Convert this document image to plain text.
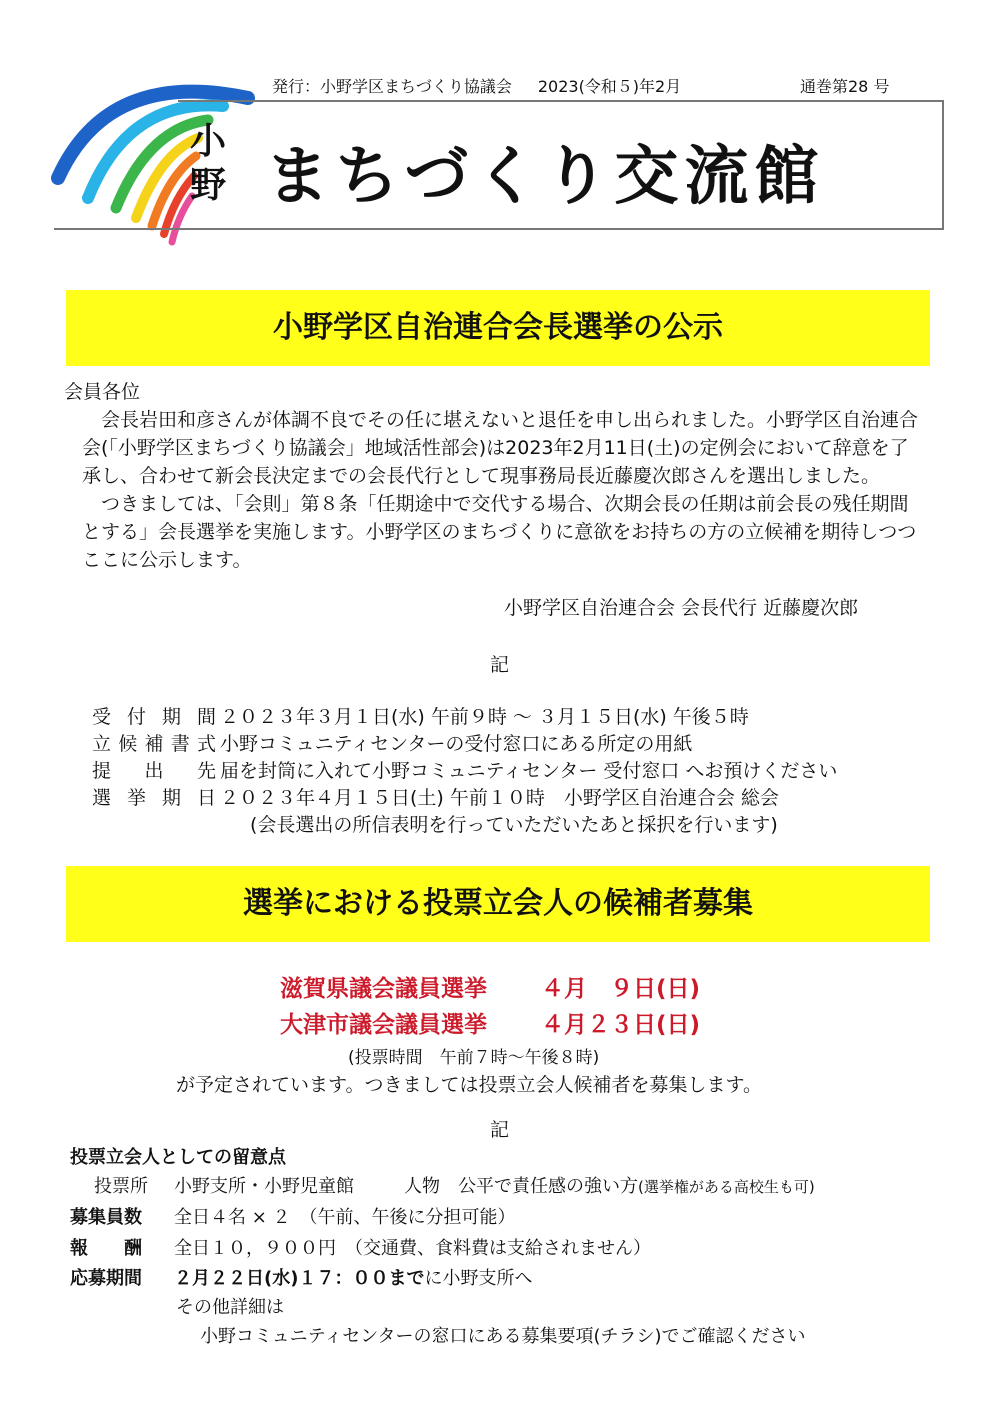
発行：小野学区まちづくり協議会 2023(令和５)年2月	通巻第28 号
小野 まちづくり交流館
小野学区自治連合会長選挙の公示
会員各位

会長岩田和彦さんが体調不良でその任に堪えないと退任を申し出られました。小野学区自治連合会(「小野学区まちづくり協議会」地域活性部会)は2023年2月11日(土)の定例会において辞意を了承し、合わせて新会長決定までの会長代行として現事務局長近藤慶次郎さんを選出しました。

つきましては、「会則」第８条「任期途中で交代する場合、次期会長の任期は前会長の残任期間とする」会長選挙を実施します。小野学区のまちづくりに意欲をお持ちの方の立候補を期待しつつここに公示します。

小野学区自治連合会 会長代行 近藤慶次郎
記
受付期間 ２０２３年３月１日(水) 午前９時 〜 ３月１５日(水) 午後５時
立候補書式 小野コミュニティセンターの受付窓口にある所定の用紙
提出先 届を封筒に入れて小野コミュニティセンター 受付窓口 へお預けください
選挙期日 ２０２３年４月１５日(土) 午前１０時　小野学区自治連合会 総会
(会長選出の所信表明を行っていただいたあと採択を行います)
選挙における投票立会人の候補者募集
滋賀県議会議員選挙 ４月　９日(日)
大津市議会議員選挙 ４月２３日(日)
(投票時間　午前７時〜午後８時)
が予定されています。つきましては投票立会人候補者を募集します。
記
投票立会人としての留意点
投票所 小野支所・小野児童館	人物　 公平で責任感の強い方(選挙権がある高校生も可)
募集員数 全日４名 × ２　（午前、午後に分担可能）
報　　酬 全日１０，９００円　（交通費、食料費は支給されません）
応募期間 ２月２２日(水)１７：００までに小野支所へ
その他詳細は
小野コミュニティセンターの窓口にある募集要項(チラシ)でご確認ください
